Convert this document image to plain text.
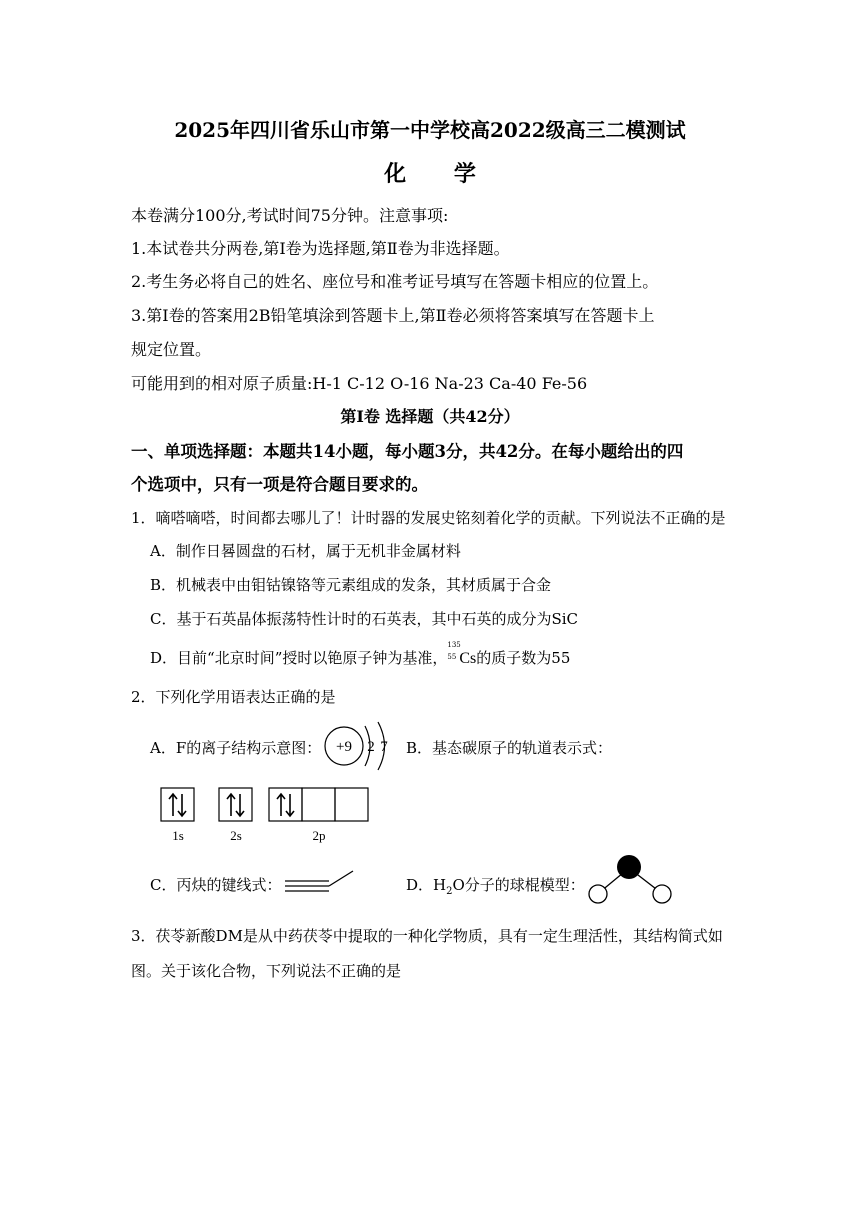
2025年四川省乐山市第一中学校高2022级高三二模测试
化 学
本卷满分100分,考试时间75分钟。注意事项:
1.本试卷共分两卷,第Ⅰ卷为选择题,第Ⅱ卷为非选择题。
2.考生务必将自己的姓名、座位号和准考证号填写在答题卡相应的位置上。
3.第Ⅰ卷的答案用2B铅笔填涂到答题卡上,第Ⅱ卷必须将答案填写在答题卡上
规定位置。
可能用到的相对原子质量:H-1 C-12 O-16 Na-23 Ca-40 Fe-56
第Ⅰ卷 选择题（共42分）
一、单项选择题：本题共14小题，每小题3分，共42分。在每小题给出的四
个选项中，只有一项是符合题目要求的。
1．嘀嗒嘀嗒，时间都去哪儿了！计时器的发展史铭刻着化学的贡献。下列说法不正确的是
A．制作日晷圆盘的石材，属于无机非金属材料
B．机械表中由钼钴镍铬等元素组成的发条，其材质属于合金
C．基于石英晶体振荡特性计时的石英表，其中石英的成分为SiC
D．目前“北京时间”授时以铯原子钟为基准，
135
55 Cs的质子数为55
2．下列化学用语表达正确的是
A．F的离子结构示意图： +9 2 7 B．基态碳原子的轨道表示式：
1s	2s	2p
C．丙炔的键线式：	D．$H_2O$分子的球棍模型：
3．茯苓新酸DM是从中药茯苓中提取的一种化学物质，具有一定生理活性，其结构简式如
图。关于该化合物，下列说法不正确的是
